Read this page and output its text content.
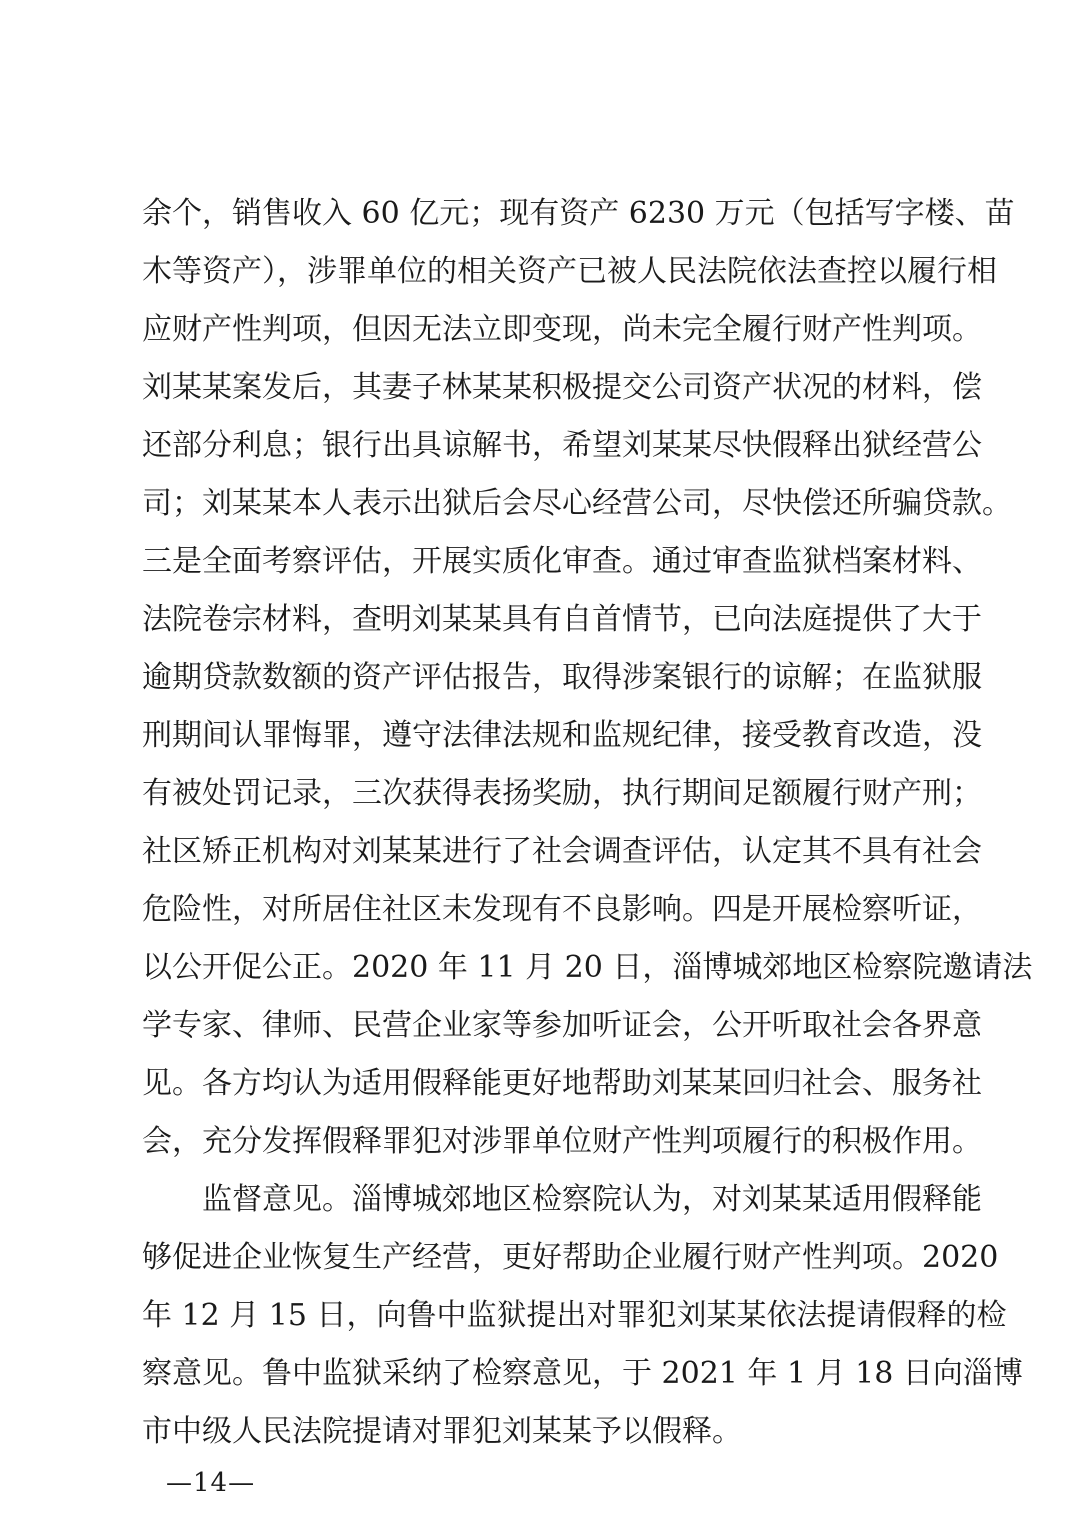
余个，销售收入 60 亿元；现有资产 6230 万元（包括写字楼、苗
木等资产），涉罪单位的相关资产已被人民法院依法查控以履行相
应财产性判项，但因无法立即变现，尚未完全履行财产性判项。
刘某某案发后，其妻子林某某积极提交公司资产状况的材料，偿
还部分利息；银行出具谅解书，希望刘某某尽快假释出狱经营公
司；刘某某本人表示出狱后会尽心经营公司，尽快偿还所骗贷款。
三是全面考察评估，开展实质化审查。通过审查监狱档案材料、
法院卷宗材料，查明刘某某具有自首情节，已向法庭提供了大于
逾期贷款数额的资产评估报告，取得涉案银行的谅解；在监狱服
刑期间认罪悔罪，遵守法律法规和监规纪律，接受教育改造，没
有被处罚记录，三次获得表扬奖励，执行期间足额履行财产刑；
社区矫正机构对刘某某进行了社会调查评估，认定其不具有社会
危险性，对所居住社区未发现有不良影响。四是开展检察听证，
以公开促公正。2020 年 11 月 20 日，淄博城郊地区检察院邀请法
学专家、律师、民营企业家等参加听证会，公开听取社会各界意
见。各方均认为适用假释能更好地帮助刘某某回归社会、服务社
会，充分发挥假释罪犯对涉罪单位财产性判项履行的积极作用。
　　监督意见。淄博城郊地区检察院认为，对刘某某适用假释能
够促进企业恢复生产经营，更好帮助企业履行财产性判项。2020
年 12 月 15 日，向鲁中监狱提出对罪犯刘某某依法提请假释的检
察意见。鲁中监狱采纳了检察意见，于 2021 年 1 月 18 日向淄博
市中级人民法院提请对罪犯刘某某予以假释。
—14—
